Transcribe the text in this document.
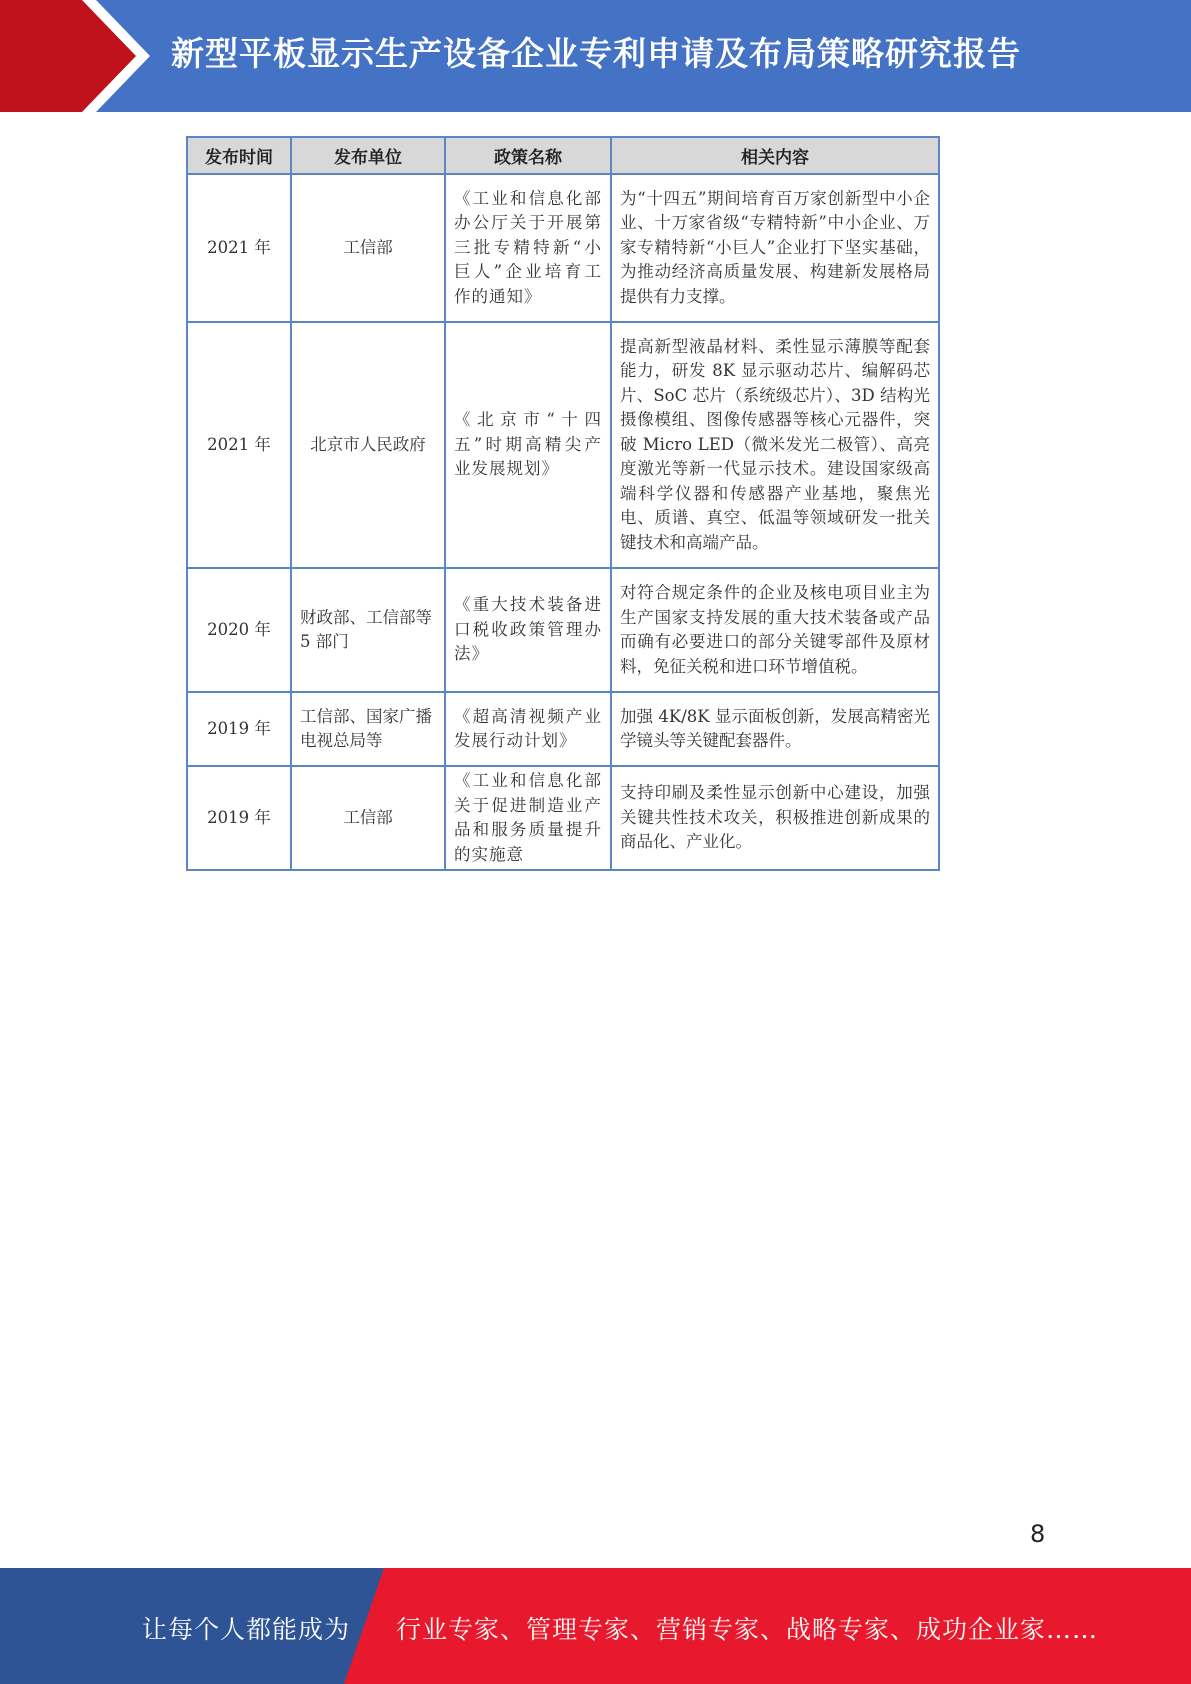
新型平板显示生产设备企业专利申请及布局策略研究报告
发布时间	发布单位	政策名称	相关内容
2021 年	工信部	《工业和信息化部办公厅关于开展第三批专精特新“小巨人”企业培育工作的通知》	为“十四五”期间培育百万家创新型中小企业、十万家省级“专精特新”中小企业、万家专精特新“小巨人”企业打下坚实基础，为推动经济高质量发展、构建新发展格局提供有力支撑。
2021 年	北京市人民政府	《北京市“十四五”时期高精尖产业发展规划》	提高新型液晶材料、柔性显示薄膜等配套能力，研发 8K 显示驱动芯片、编解码芯片、SoC 芯片（系统级芯片）、3D 结构光摄像模组、图像传感器等核心元器件，突破 Micro LED（微米发光二极管）、高亮度激光等新一代显示技术。建设国家级高端科学仪器和传感器产业基地，聚焦光电、质谱、真空、低温等领域研发一批关键技术和高端产品。
2020 年	财政部、工信部等 5 部门	《重大技术装备进口税收政策管理办法》	对符合规定条件的企业及核电项目业主为生产国家支持发展的重大技术装备或产品而确有必要进口的部分关键零部件及原材料，免征关税和进口环节增值税。
2019 年	工信部、国家广播电视总局等	《超高清视频产业发展行动计划》	加强 4K/8K 显示面板创新，发展高精密光学镜头等关键配套器件。
2019 年	工信部	《工业和信息化部关于促进制造业产品和服务质量提升的实施意	支持印刷及柔性显示创新中心建设，加强关键共性技术攻关，积极推进创新成果的商品化、产业化。
8
让每个人都能成为 行业专家、管理专家、营销专家、战略专家、成功企业家……
